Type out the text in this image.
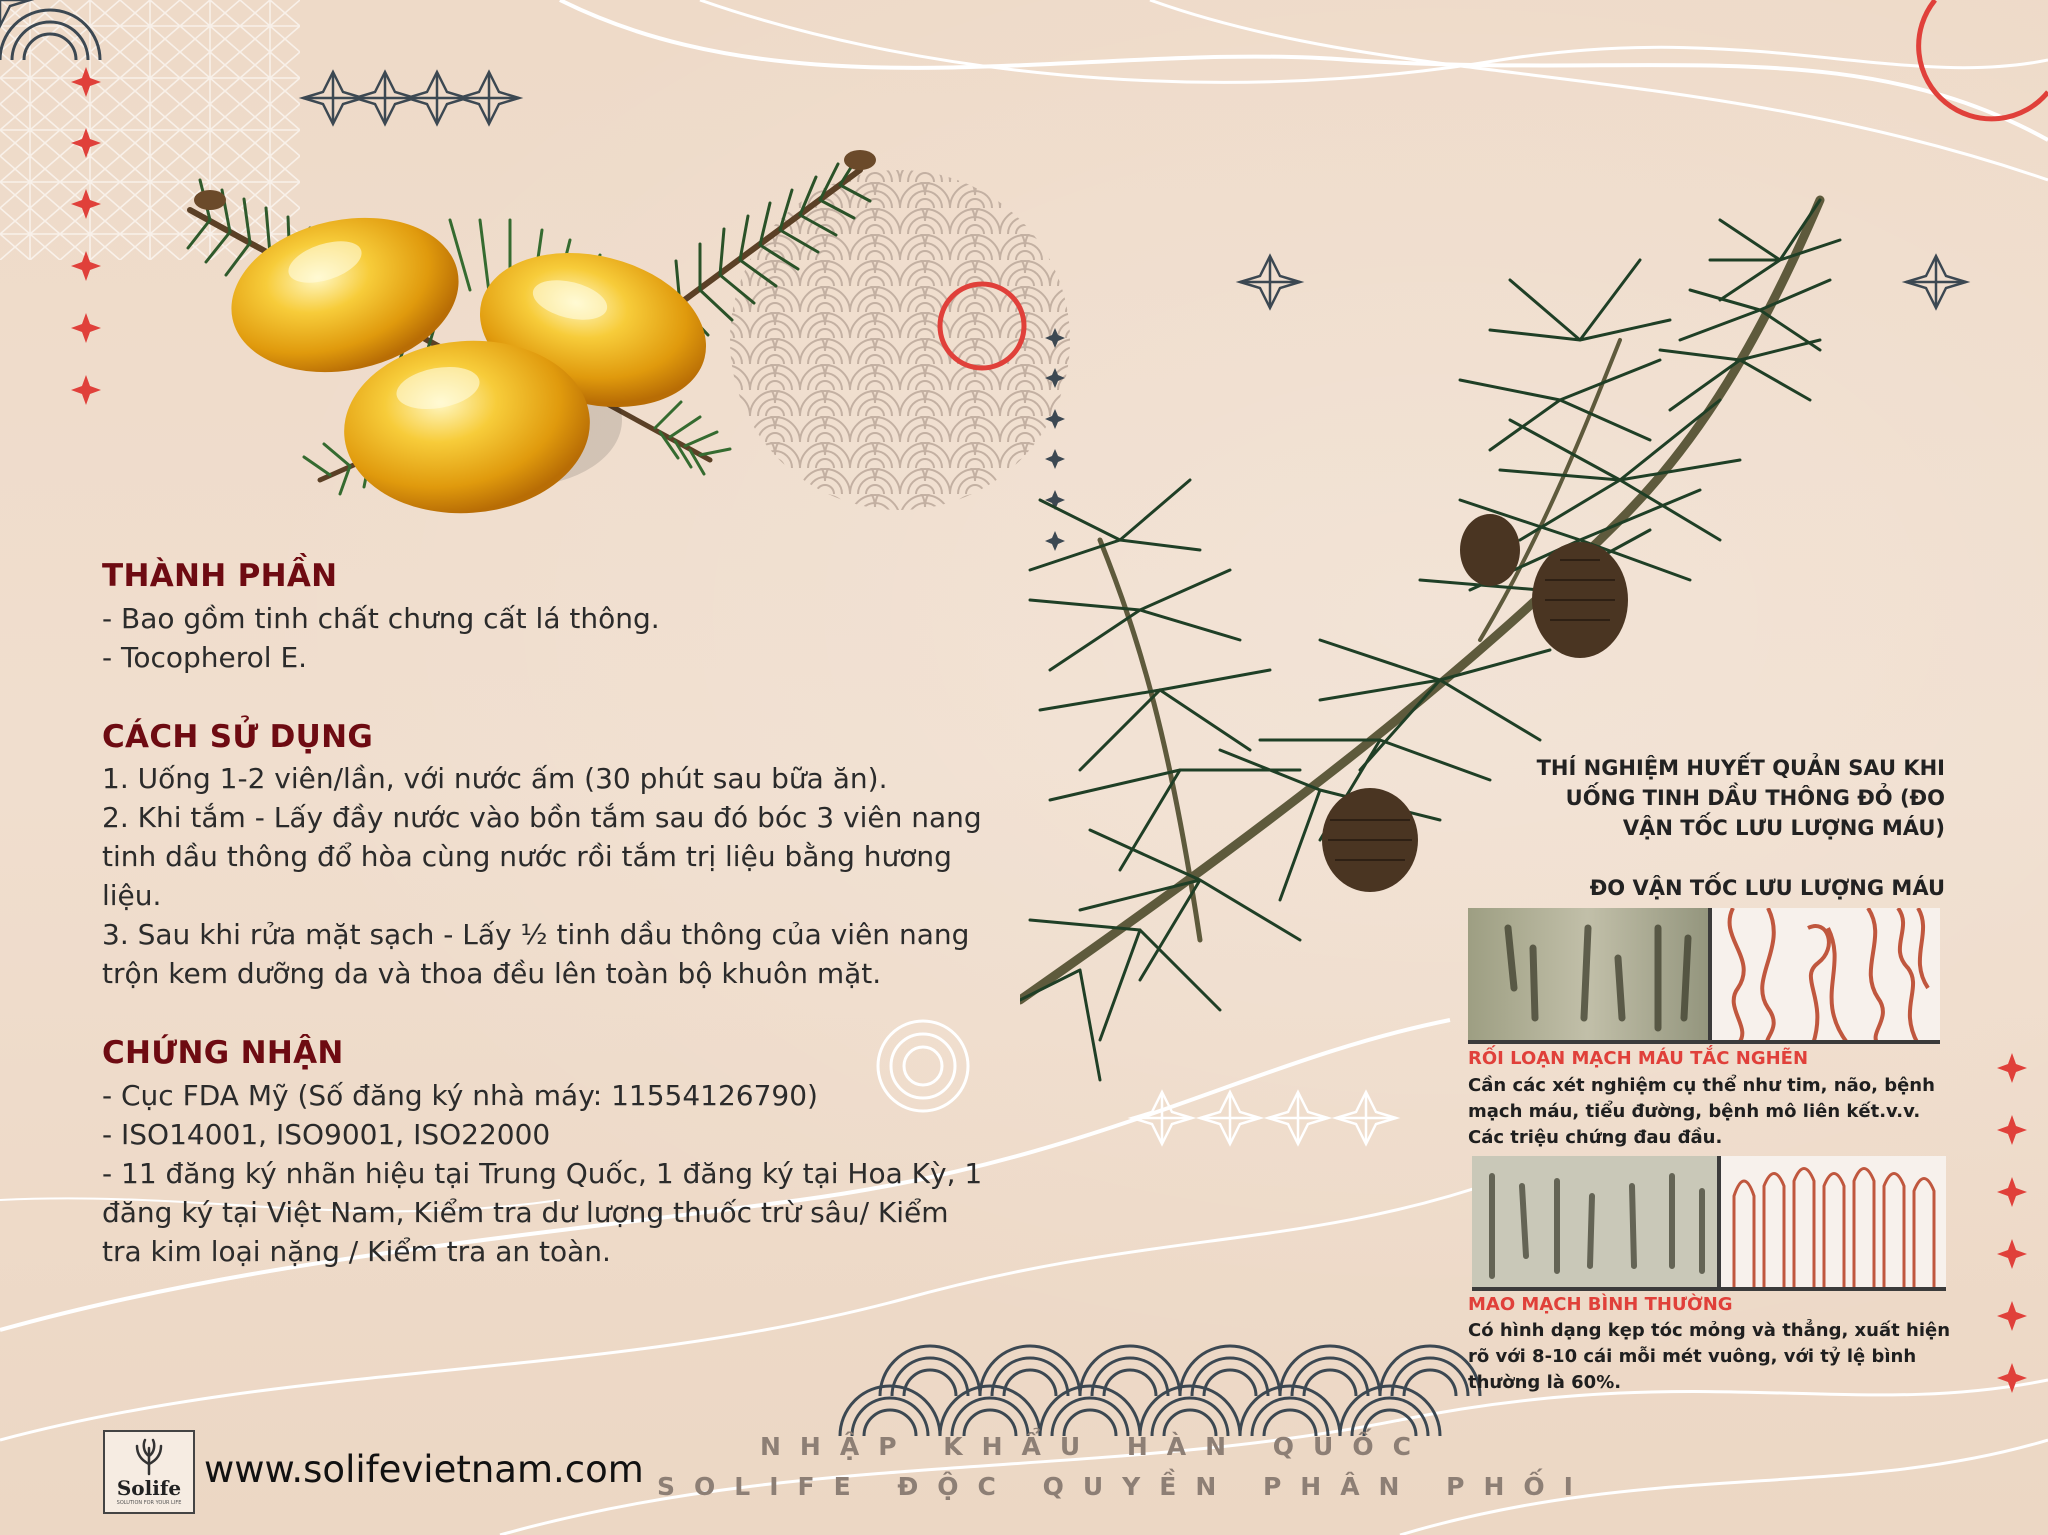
THÀNH PHẦN
- Bao gồm tinh chất chưng cất lá thông.
- Tocopherol E.
CÁCH SỬ DỤNG
1. Uống 1-2 viên/lần, với nước ấm (30 phút sau bữa ăn).
2. Khi tắm - Lấy đầy nước vào bồn tắm sau đó bóc 3 viên nang
tinh dầu thông đổ hòa cùng nước rồi tắm trị liệu bằng hương
liệu.
3. Sau khi rửa mặt sạch - Lấy ½ tinh dầu thông của viên nang
trộn kem dưỡng da và thoa đều lên toàn bộ khuôn mặt.
CHỨNG NHẬN
- Cục FDA Mỹ (Số đăng ký nhà máy: 11554126790)
- ISO14001, ISO9001, ISO22000
- 11 đăng ký nhãn hiệu tại Trung Quốc, 1 đăng ký tại Hoa Kỳ, 1
đăng ký tại Việt Nam, Kiểm tra dư lượng thuốc trừ sâu/ Kiểm
tra kim loại nặng / Kiểm tra an toàn.
THÍ NGHIỆM HUYẾT QUẢN SAU KHI
UỐNG TINH DẦU THÔNG ĐỎ (ĐO
VẬN TỐC LƯU LƯỢNG MÁU)
ĐO VẬN TỐC LƯU LƯỢNG MÁU
RỐI LOẠN MẠCH MÁU TẮC NGHẼN
Cần các xét nghiệm cụ thể như tim, não, bệnh
mạch máu, tiểu đường, bệnh mô liên kết.v.v.
Các triệu chứng đau đầu.
MAO MẠCH BÌNH THƯỜNG
Có hình dạng kẹp tóc mỏng và thẳng, xuất hiện
rõ với 8-10 cái mỗi mét vuông, với tỷ lệ bình
thường là 60%.
Solife
SOLUTION FOR YOUR LIFE
www.solifevietnam.com
NHẬP KHẨU HÀN QUỐC
SOLIFE ĐỘC QUYỀN PHÂN PHỐI
